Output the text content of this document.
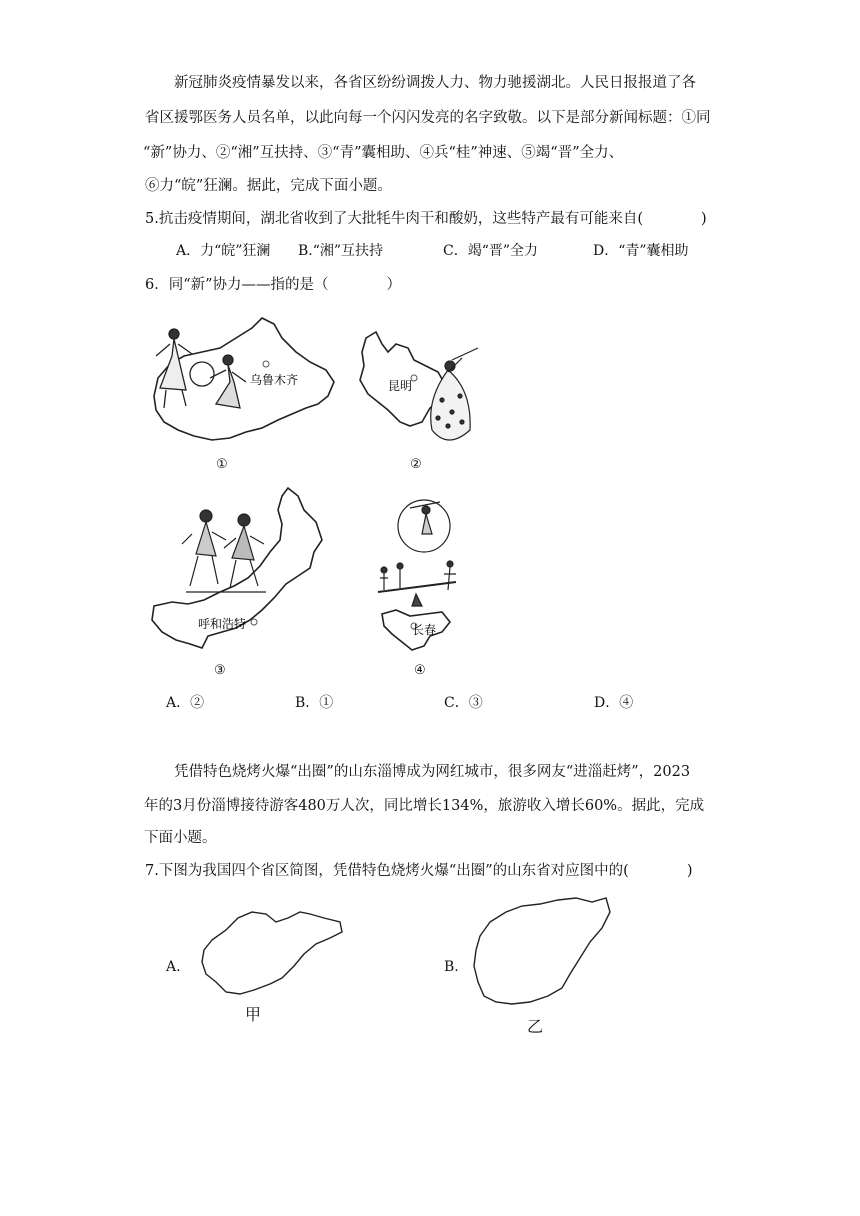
新冠肺炎疫情暴发以来，各省区纷纷调拨人力、物力驰援湖北。人民日报报道了各
省区援鄂医务人员名单，以此向每一个闪闪发亮的名字致敬。以下是部分新闻标题：①同
“新”协力、②“湘”互扶持、③“青”囊相助、④兵“桂”神速、⑤竭“晋”全力、
⑥力“皖”狂澜。据此，完成下面小题。
5.抗击疫情期间，湖北省收到了大批牦牛肉干和酸奶，这些特产最有可能来自(　　　　)
A．力“皖”狂澜 B.“湘”互扶持	C．竭“晋”全力	D．“青”囊相助
6．同“新”协力——指的是（　　　　）
乌鲁木齐
①
昆明
②
呼和浩特
③
长春
④
A．②	B．①	C．③	D．④
凭借特色烧烤火爆“出圈”的山东淄博成为网红城市，很多网友“进淄赶烤”，2023
年的3月份淄博接待游客480万人次，同比增长134%，旅游收入增长60%。据此，完成
下面小题。
7.下图为我国四个省区简图，凭借特色烧烤火爆“出圈”的山东省对应图中的(　　　　)
A.
甲
B.
乙
